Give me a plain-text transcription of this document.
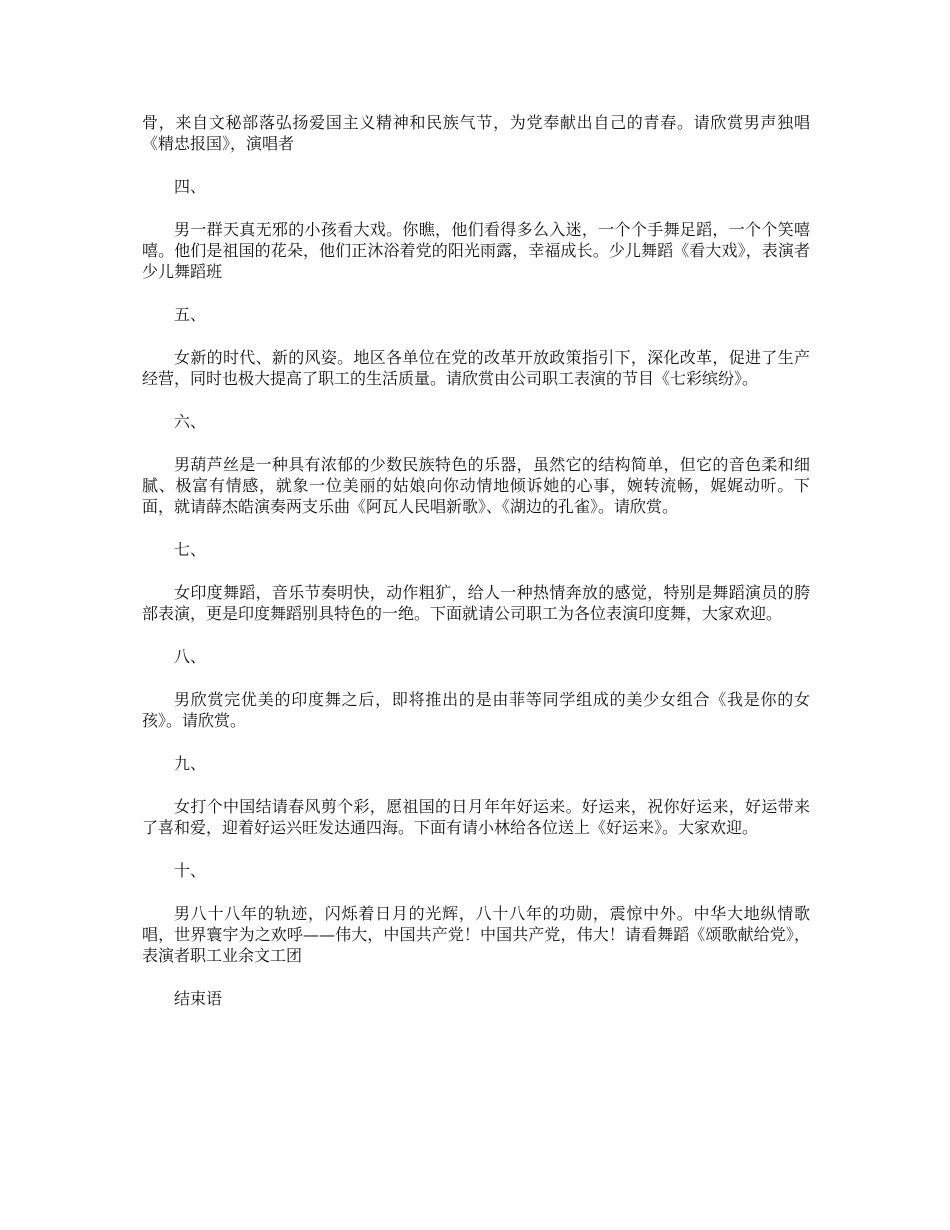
骨，来自文秘部落弘扬爱国主义精神和民族气节，为党奉献出自己的青春。请欣赏男声独唱《精忠报国》，演唱者

四、

男一群天真无邪的小孩看大戏。你瞧，他们看得多么入迷，一个个手舞足蹈，一个个笑嘻嘻。他们是祖国的花朵，他们正沐浴着党的阳光雨露，幸福成长。少儿舞蹈《看大戏》，表演者少儿舞蹈班

五、

女新的时代、新的风姿。地区各单位在党的改革开放政策指引下，深化改革，促进了生产经营，同时也极大提高了职工的生活质量。请欣赏由公司职工表演的节目《七彩缤纷》。

六、

男葫芦丝是一种具有浓郁的少数民族特色的乐器，虽然它的结构简单，但它的音色柔和细腻、极富有情感，就象一位美丽的姑娘向你动情地倾诉她的心事，婉转流畅，娓娓动听。下面，就请薛杰皓演奏两支乐曲《阿瓦人民唱新歌》、《湖边的孔雀》。请欣赏。

七、

女印度舞蹈，音乐节奏明快，动作粗犷，给人一种热情奔放的感觉，特别是舞蹈演员的胯部表演，更是印度舞蹈别具特色的一绝。下面就请公司职工为各位表演印度舞，大家欢迎。

八、

男欣赏完优美的印度舞之后，即将推出的是由菲等同学组成的美少女组合《我是你的女孩》。请欣赏。

九、

女打个中国结请春风剪个彩，愿祖国的日月年年好运来。好运来，祝你好运来，好运带来了喜和爱，迎着好运兴旺发达通四海。下面有请小林给各位送上《好运来》。大家欢迎。

十、

男八十八年的轨迹，闪烁着日月的光辉，八十八年的功勋，震惊中外。中华大地纵情歌唱，世界寰宇为之欢呼——伟大，中国共产党！中国共产党，伟大！请看舞蹈《颂歌献给党》，表演者职工业余文工团

结束语
